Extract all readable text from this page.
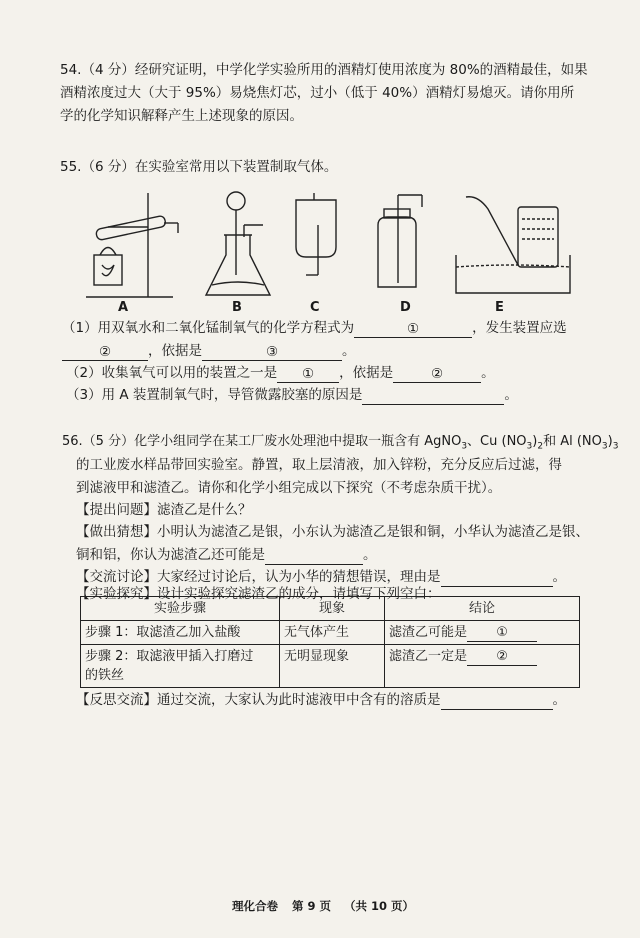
54.（4 分）经研究证明，中学化学实验所用的酒精灯使用浓度为 80%的酒精最佳，如果
酒精浓度过大（大于 95%）易烧焦灯芯，过小（低于 40%）酒精灯易熄灭。请你用所
学的化学知识解释产生上述现象的原因。
55.（6 分）在实验室常用以下装置制取气体。
A	B	C	D	E
（1）用双氧水和二氧化锰制氧气的化学方程式为	①	，发生装置应选
②	，依据是	③	。
（2）收集氧气可以用的装置之一是 ① ，依据是	②	。
（3）用 A 装置制氧气时，导管微露胶塞的原因是	。
56.（5 分）化学小组同学在某工厂废水处理池中提取一瓶含有 AgNO$_3$、Cu $(NO_3)_2$和 Al $(NO_3)_3$
的工业废水样品带回实验室。静置，取上层清液，加入锌粉，充分反应后过滤，得
到滤液甲和滤渣乙。请你和化学小组完成以下探究（不考虑杂质干扰）。
【提出问题】滤渣乙是什么？
【做出猜想】小明认为滤渣乙是银，小东认为滤渣乙是银和铜，小华认为滤渣乙是银、
铜和铝，你认为滤渣乙还可能是	。
【交流讨论】大家经过讨论后，认为小华的猜想错误，理由是	。
【实验探究】设计实验探究滤渣乙的成分，请填写下列空白：
实验步骤	现象	结论
步骤 1：取滤渣乙加入盐酸	无气体产生	滤渣乙可能是 ①

步骤 2：取滤液甲插入打磨过
的铁丝	无明显现象	滤渣乙一定是 ②
【反思交流】通过交流，大家认为此时滤液甲中含有的溶质是	。
理化合卷 第 9 页 （共 10 页）
